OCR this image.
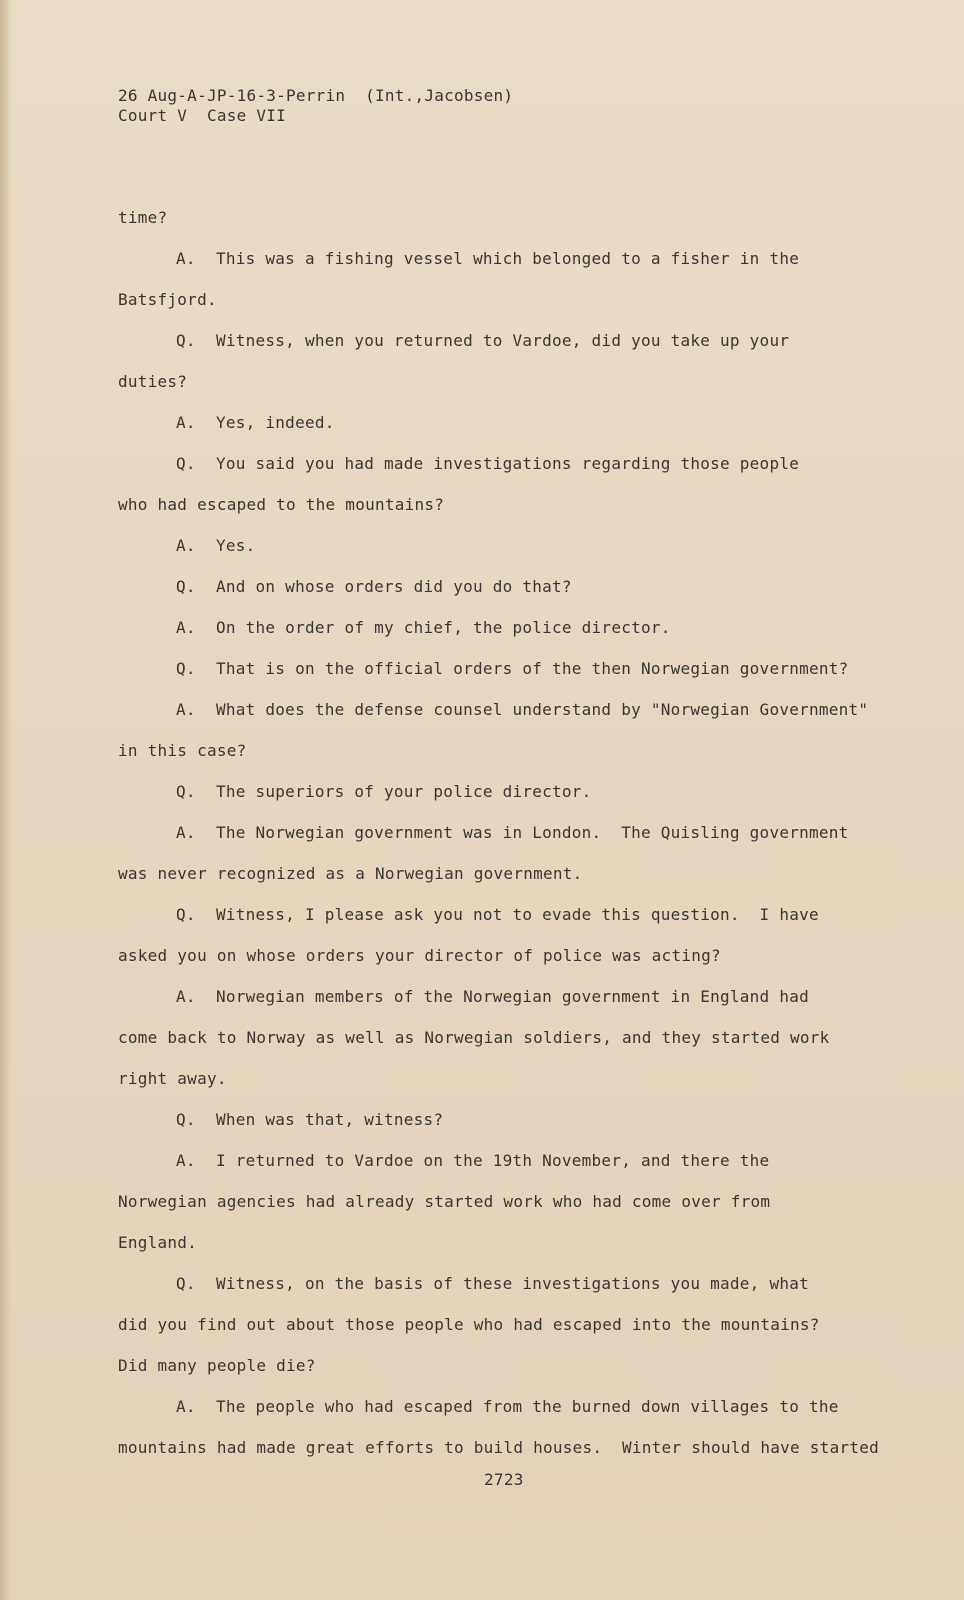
26 Aug-A-JP-16-3-Perrin  (Int.,Jacobsen)
Court V  Case VII
time?
A. This was a fishing vessel which belonged to a fisher in the
Batsfjord.
Q. Witness, when you returned to Vardoe, did you take up your
duties?
A. Yes, indeed.
Q. You said you had made investigations regarding those people
who had escaped to the mountains?
A. Yes.
Q. And on whose orders did you do that?
A. On the order of my chief, the police director.
Q. That is on the official orders of the then Norwegian government?
A. What does the defense counsel understand by "Norwegian Government"
in this case?
Q. The superiors of your police director.
A. The Norwegian government was in London.  The Quisling government
was never recognized as a Norwegian government.
Q. Witness, I please ask you not to evade this question.  I have
asked you on whose orders your director of police was acting?
A. Norwegian members of the Norwegian government in England had
come back to Norway as well as Norwegian soldiers, and they started work
right away.
Q. When was that, witness?
A. I returned to Vardoe on the 19th November, and there the
Norwegian agencies had already started work who had come over from
England.
Q. Witness, on the basis of these investigations you made, what
did you find out about those people who had escaped into the mountains?
Did many people die?
A. The people who had escaped from the burned down villages to the
mountains had made great efforts to build houses.  Winter should have started
2723
